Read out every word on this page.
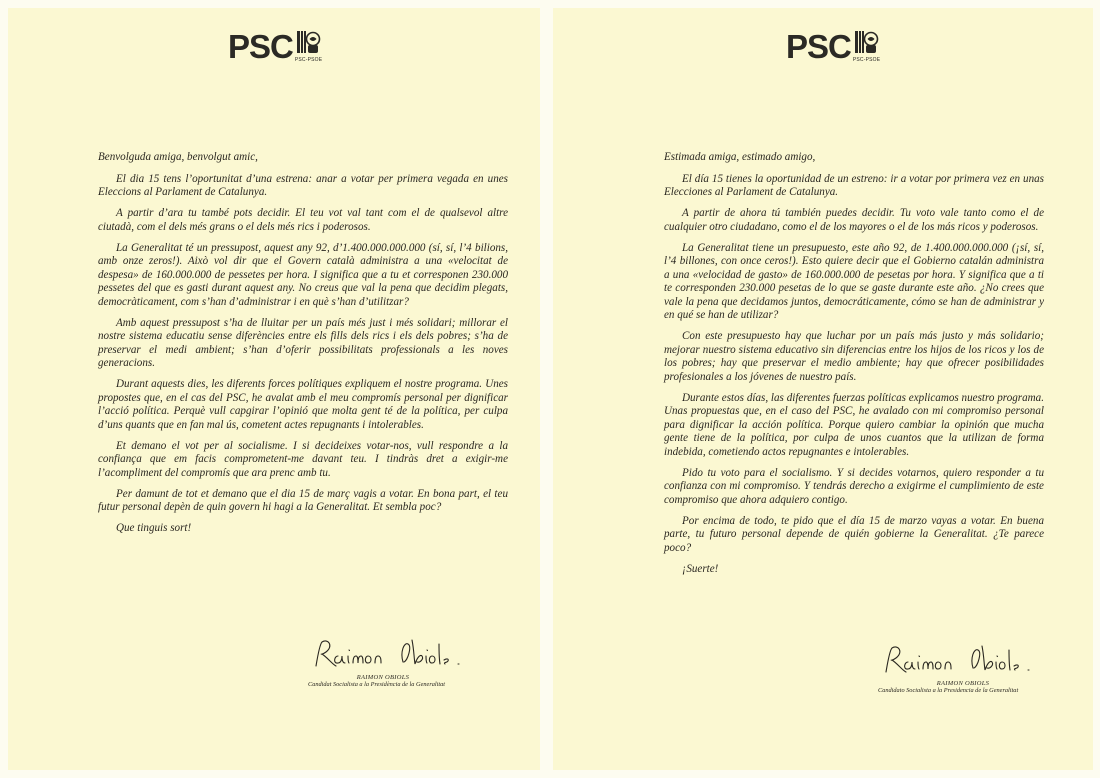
PSC PSC-PSOE

Benvolguda amiga, benvolgut amic,

El dia 15 tens l’oportunitat d’una estrena: anar a votar per primera vegada en unes Eleccions al Parlament de Catalunya.

A partir d’ara tu també pots decidir. El teu vot val tant com el de qualsevol altre ciutadà, com el dels més grans o el dels més rics i poderosos.

La Generalitat té un pressupost, aquest any 92, d’1.400.000.000.000 (sí, sí, l’4 bilions, amb onze zeros!). Això vol dir que el Govern català administra a una «velocitat de despesa» de 160.000.000 de pessetes per hora. I significa que a tu et corresponen 230.000 pessetes del que es gasti durant aquest any. No creus que val la pena que decidim plegats, democràticament, com s’han d’administrar i en què s’han d’utilitzar?

Amb aquest pressupost s’ha de lluitar per un país més just i més solidari; millorar el nostre sistema educatiu sense diferències entre els fills dels rics i els dels pobres; s’ha de preservar el medi ambient; s’han d’oferir possibilitats professionals a les noves generacions.

Durant aquests dies, les diferents forces polítiques expliquem el nostre programa. Unes propostes que, en el cas del PSC, he avalat amb el meu compromís personal per dignificar l’acció política. Perquè vull capgirar l’opinió que molta gent té de la política, per culpa d’uns quants que en fan mal ús, cometent actes repugnants i intolerables.

Et demano el vot per al socialisme. I si decideixes votar-nos, vull respondre a la confiança que em facis comprometent-me davant teu. I tindràs dret a exigir-me l’acompliment del compromís que ara prenc amb tu.

Per damunt de tot et demano que el dia 15 de març vagis a votar. En bona part, el teu futur personal depèn de quin govern hi hagi a la Generalitat. Et sembla poc?

Que tinguis sort!

RAIMON OBIOLS
Candidat Socialista a la Presidència de la Generalitat
PSC PSC-PSOE

Estimada amiga, estimado amigo,

El día 15 tienes la oportunidad de un estreno: ir a votar por primera vez en unas Elecciones al Parlament de Catalunya.

A partir de ahora tú también puedes decidir. Tu voto vale tanto como el de cualquier otro ciudadano, como el de los mayores o el de los más ricos y poderosos.

La Generalitat tiene un presupuesto, este año 92, de 1.400.000.000.000 (¡sí, sí, l’4 billones, con once ceros!). Esto quiere decir que el Gobierno catalán administra a una «velocidad de gasto» de 160.000.000 de pesetas por hora. Y significa que a ti te corresponden 230.000 pesetas de lo que se gaste durante este año. ¿No crees que vale la pena que decidamos juntos, democráticamente, cómo se han de administrar y en qué se han de utilizar?

Con este presupuesto hay que luchar por un país más justo y más solidario; mejorar nuestro sistema educativo sin diferencias entre los hijos de los ricos y los de los pobres; hay que preservar el medio ambiente; hay que ofrecer posibilidades profesionales a los jóvenes de nuestro país.

Durante estos días, las diferentes fuerzas políticas explicamos nuestro programa. Unas propuestas que, en el caso del PSC, he avalado con mi compromiso personal para dignificar la acción política. Porque quiero cambiar la opinión que mucha gente tiene de la política, por culpa de unos cuantos que la utilizan de forma indebida, cometiendo actos repugnantes e intolerables.

Pido tu voto para el socialismo. Y si decides votarnos, quiero responder a tu confianza con mi compromiso. Y tendrás derecho a exigirme el cumplimiento de este compromiso que ahora adquiero contigo.

Por encima de todo, te pido que el día 15 de marzo vayas a votar. En buena parte, tu futuro personal depende de quién gobierne la Generalitat. ¿Te parece poco?

¡Suerte!

RAIMON OBIOLS
Candidato Socialista a la Presidencia de la Generalitat
